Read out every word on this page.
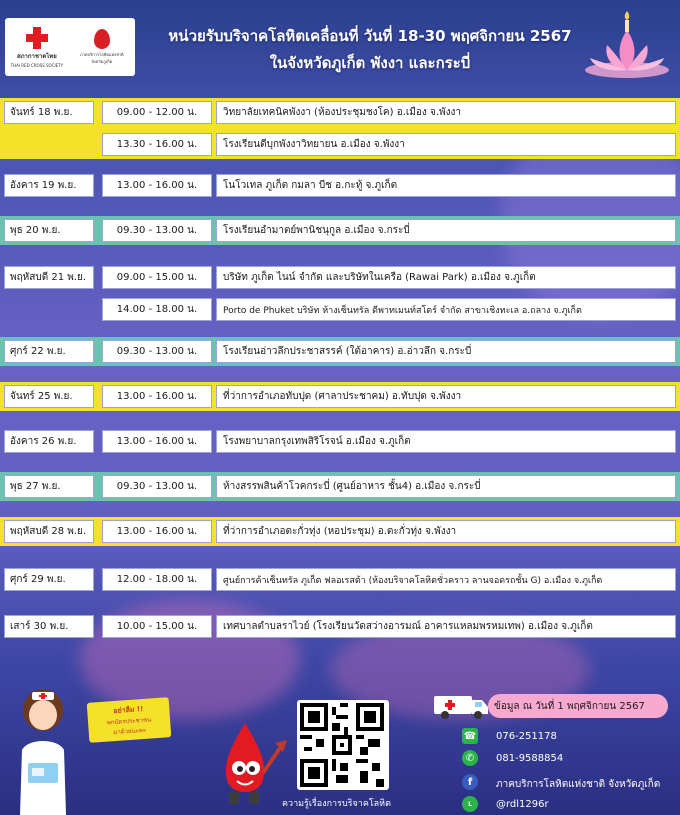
สภากาชาดไทย
THAI RED CROSS SOCIETY
ภาคบริการโลหิตแห่งชาติ จังหวัดภูเก็ต
หน่วยรับบริจาคโลหิตเคลื่อนที่ วันที่ 18-30 พฤศจิกายน 2567
ในจังหวัดภูเก็ต พังงา และกระบี่
จันทร์ 18 พ.ย.	09.00 - 12.00 น.	วิทยาลัยเทคนิคพังงา (ห้องประชุมชงโค) อ.เมือง จ.พังงา
13.30 - 16.00 น.	โรงเรียนดีบุกพังงาวิทยายน อ.เมือง จ.พังงา
อังคาร 19 พ.ย.	13.00 - 16.00 น.	โนโวเทล ภูเก็ต กมลา บีช อ.กะทู้ จ.ภูเก็ต
พุธ 20 พ.ย.	09.30 - 13.00 น.	โรงเรียนอำมาตย์พานิชนุกูล อ.เมือง จ.กระบี่
พฤหัสบดี 21 พ.ย.	09.00 - 15.00 น.	บริษัท ภูเก็ต ไนน์ จำกัด และบริษัทในเครือ (Rawai Park) อ.เมือง จ.ภูเก็ต
14.00 - 18.00 น.	Porto de Phuket บริษัท ห้างเซ็นทรัล ดีพาทเมนท์สโตร์ จำกัด สาขาเชิงทะเล อ.ถลาง จ.ภูเก็ต
ศุกร์ 22 พ.ย.	09.30 - 13.00 น.	โรงเรียนอ่าวลึกประชาสรรค์ (ใต้อาคาร) อ.อ่าวลึก จ.กระบี่
จันทร์ 25 พ.ย.	13.00 - 16.00 น.	ที่ว่าการอำเภอทับปุด (ศาลาประชาคม) อ.ทับปุด จ.พังงา
อังคาร 26 พ.ย.	13.00 - 16.00 น.	โรงพยาบาลกรุงเทพสิริโรจน์ อ.เมือง จ.ภูเก็ต
พุธ 27 พ.ย.	09.30 - 13.00 น.	ห้างสรรพสินค้าโวคกระบี่ (ศูนย์อาหาร ชั้น4) อ.เมือง จ.กระบี่
พฤหัสบดี 28 พ.ย.	13.00 - 16.00 น.	ที่ว่าการอำเภอตะกั่วทุ่ง (หอประชุม) อ.ตะกั่วทุ่ง จ.พังงา
ศุกร์ 29 พ.ย.	12.00 - 18.00 น.	ศูนย์การค้าเซ็นทรัล ภูเก็ต ฟลอเรสต้า (ห้องบริจาคโลหิตชั่วคราว ลานจอดรถชั้น G) อ.เมือง จ.ภูเก็ต
เสาร์ 30 พ.ย.	10.00 - 15.00 น.	เทศบาลตำบลราไวย์ (โรงเรียนวัดสว่างอารมณ์ อาคารแหลมพรหมเทพ) อ.เมือง จ.ภูเก็ต
อย่าลืม !!
พกบัตรประชาชน
มาด้วยนะคะ
ความรู้เรื่องการบริจาคโลหิต
ข้อมูล ณ วันที่ 1 พฤศจิกายน 2567
☎ 076-251178
✆	081-9588854
f	ภาคบริการโลหิตแห่งชาติ จังหวัดภูเก็ต
L	@rdl1296r
